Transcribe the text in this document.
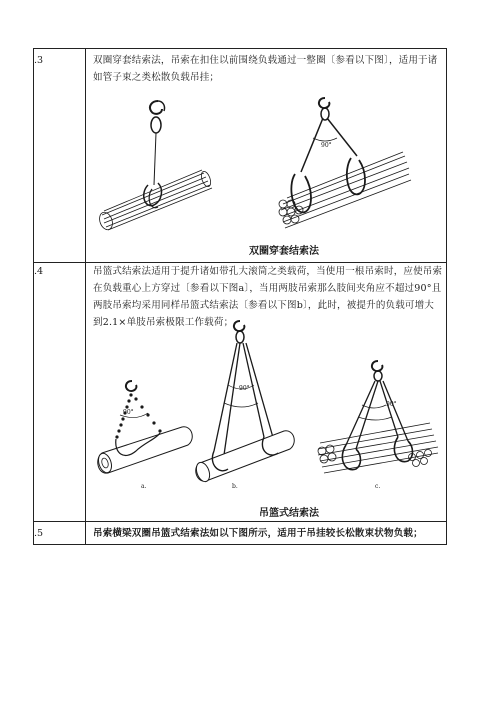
.3	双圈穿套结索法，吊索在扣住以前围绕负载通过一整圈〔参看以下图〕，适用于诸如管子束之类松散负载吊挂；
90°
双圈穿套结索法
.4	吊篮式结索法适用于提升诸如带孔大滚筒之类载荷，当使用一根吊索时，应使吊索在负载重心上方穿过〔参看以下图a〕，当用两肢吊索那么肢间夹角应不超过90°且两肢吊索均采用同样吊篮式结索法〔参看以下图b〕，此时，被提升的负载可增大到2.1×单肢吊索极限工作载荷；
90°
a.
90°
b.
90°
c.
吊篮式结索法
.5	吊索横梁双圈吊篮式结索法如以下图所示，适用于吊挂较长松散束状物负载；
